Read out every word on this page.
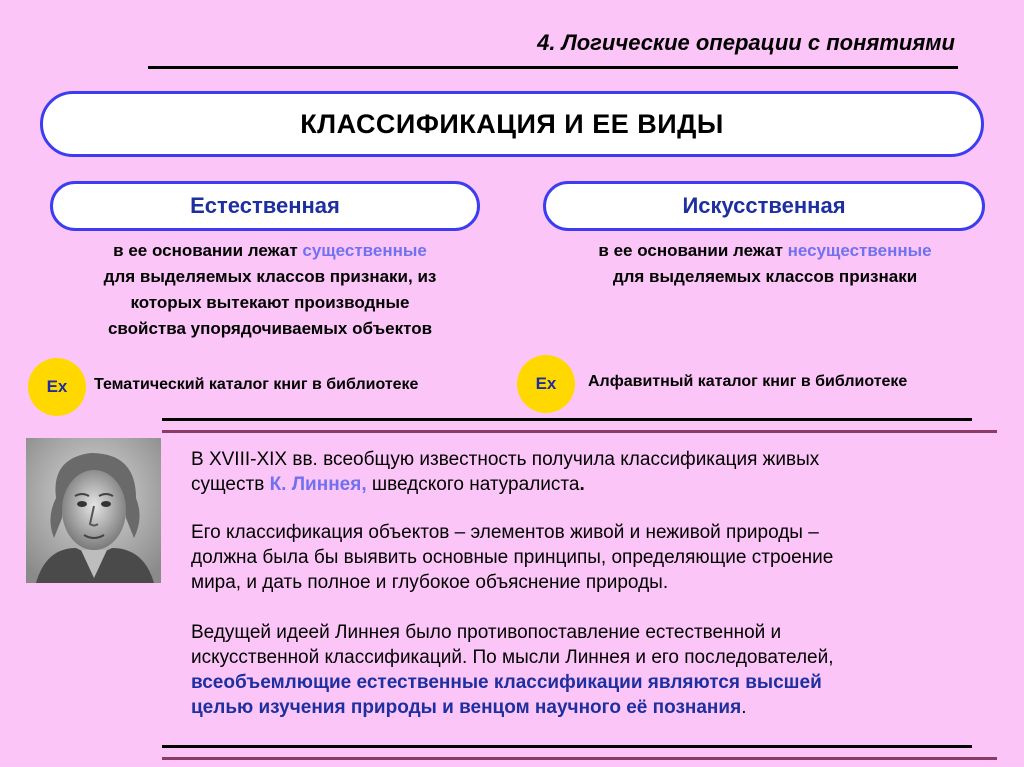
4. Логические операции с понятиями
КЛАССИФИКАЦИЯ И ЕЕ ВИДЫ
Естественная
в ее основании лежат существенные
для выделяемых классов признаки, из
которых вытекают производные
свойства упорядочиваемых объектов
Ex Тематический каталог книг в библиотеке
Искусственная
в ее основании лежат несущественные
для выделяемых классов признаки
Ex Алфавитный каталог книг в библиотеке
В XVIII-XIX вв. всеобщую известность получила классификация живых
существ К. Линнея, шведского натуралиста.
Его классификация объектов – элементов живой и неживой природы –
должна была бы выявить основные принципы, определяющие строение
мира, и дать полное и глубокое объяснение природы.
Ведущей идеей Линнея было противопоставление естественной и
искусственной классификаций. По мысли Линнея и его последователей,
всеобъемлющие естественные классификации являются высшей
целью изучения природы и венцом научного её познания.
